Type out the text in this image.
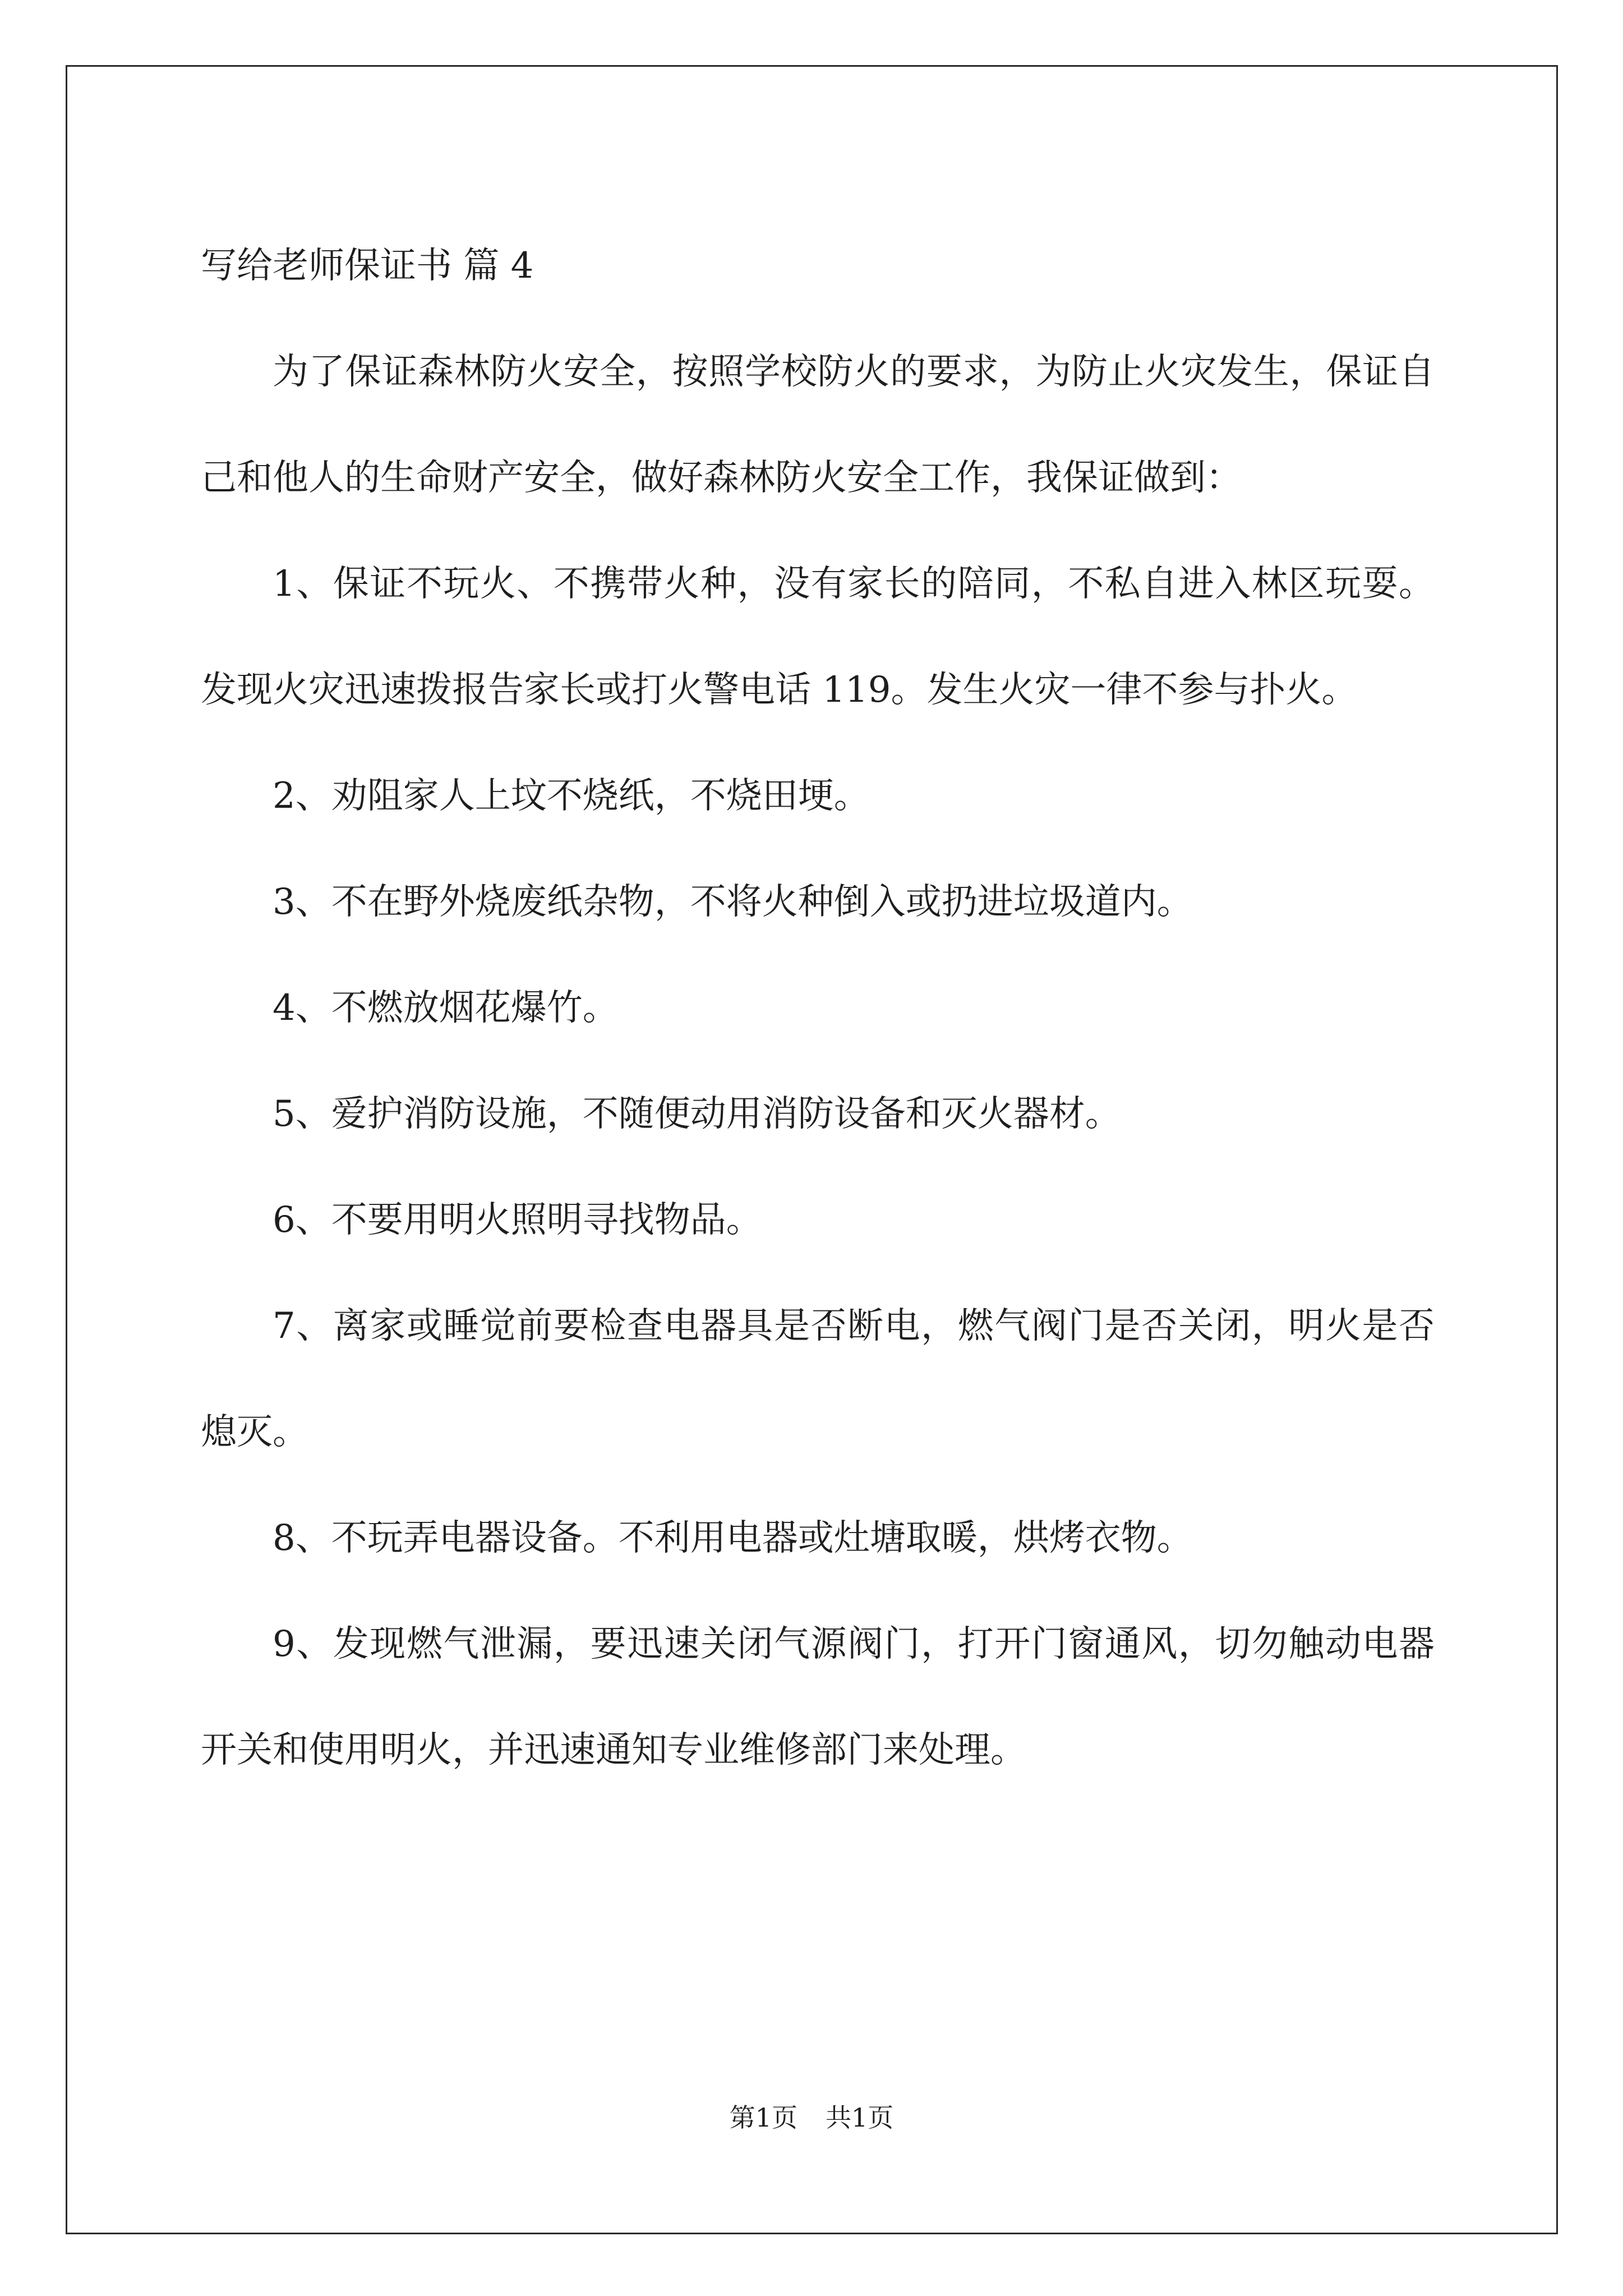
写给老师保证书 篇 4

为了保证森林防火安全，按照学校防火的要求，为防止火灾发生，保证自己和他人的生命财产安全，做好森林防火安全工作，我保证做到：

1、保证不玩火、不携带火种，没有家长的陪同，不私自进入林区玩耍。发现火灾迅速拨报告家长或打火警电话 119。发生火灾一律不参与扑火。

2、劝阻家人上坟不烧纸，不烧田埂。

3、不在野外烧废纸杂物，不将火种倒入或扔进垃圾道内。

4、不燃放烟花爆竹。

5、爱护消防设施，不随便动用消防设备和灭火器材。

6、不要用明火照明寻找物品。

7、离家或睡觉前要检查电器具是否断电，燃气阀门是否关闭，明火是否熄灭。

8、不玩弄电器设备。不利用电器或灶塘取暖，烘烤衣物。

9、发现燃气泄漏，要迅速关闭气源阀门，打开门窗通风，切勿触动电器开关和使用明火，并迅速通知专业维修部门来处理。

第1页 共1页
